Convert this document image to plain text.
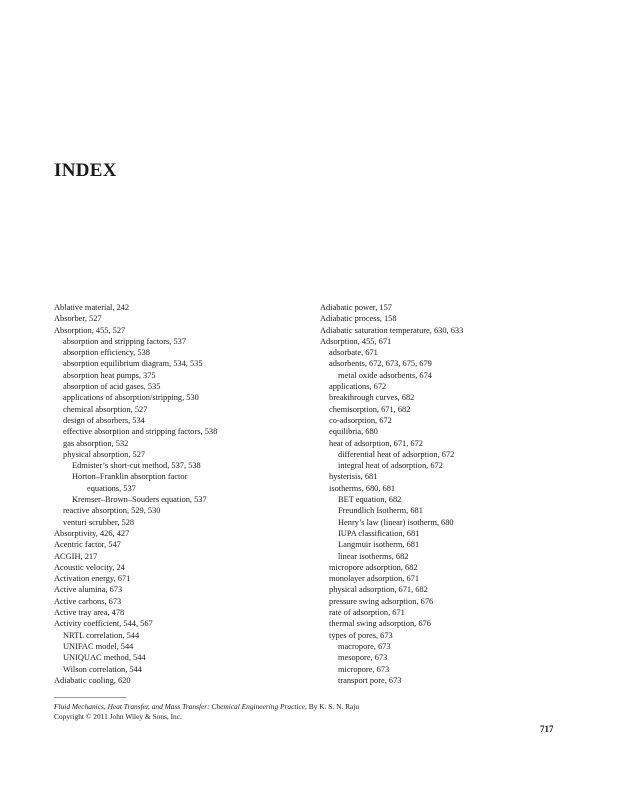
INDEX
Ablative material, 242
Absorber, 527
Absorption, 455, 527
absorption and stripping factors, 537
absorption efficiency, 538
absorption equilibrium diagram, 534, 535
absorption heat pumps, 375
absorption of acid gases, 535
applications of absorption/stripping, 530
chemical absorption, 527
design of absorbers, 534
effective absorption and stripping factors, 538
gas absorption, 532
physical absorption, 527
Edmister’s short-cut method, 537, 538
Horton–Franklin absorption factor
equations, 537
Kremser–Brown–Souders equation, 537
reactive absorption, 529, 530
venturi scrubber, 528
Absorptivity, 426, 427
Acentric factor, 547
ACGIH, 217
Acoustic velocity, 24
Activation energy, 671
Active alumina, 673
Active carbons, 673
Active tray area, 478
Activity coefficient, 544, 567
NRTL correlation, 544
UNIFAC model, 544
UNIQUAC method, 544
Wilson correlation, 544
Adiabatic cooling, 620
Adiabatic power, 157
Adiabatic process, 158
Adiabatic saturation temperature, 630, 633
Adsorption, 455, 671
adsorbate, 671
adsorbents, 672, 673, 675, 679
metal oxide adsorbents, 674
applications, 672
breakthrough curves, 682
chemisorption, 671, 682
co-adsorption, 672
equilibria, 680
heat of adsorption, 671, 672
differential heat of adsorption, 672
integral heat of adsorption, 672
hysterisis, 681
isotherms, 680, 681
BET equation, 682
Freundlich Isotherm, 681
Henry’s law (linear) isotherm, 680
IUPA classification, 681
Langmuir isotherm, 681
linear isotherms, 682
micropore adsorption, 682
monolayer adsorption, 671
physical adsorption, 671, 682
pressure swing adsorption, 676
rate of adsorption, 671
thermal swing adsorption, 676
types of pores, 673
macropore, 673
mesopore, 673
micropore, 673
transport pore, 673
Fluid Mechanics, Heat Transfer, and Mass Transfer: Chemical Engineering Practice, By K. S. N. Raju
Copyright © 2011 John Wiley & Sons, Inc.
717
